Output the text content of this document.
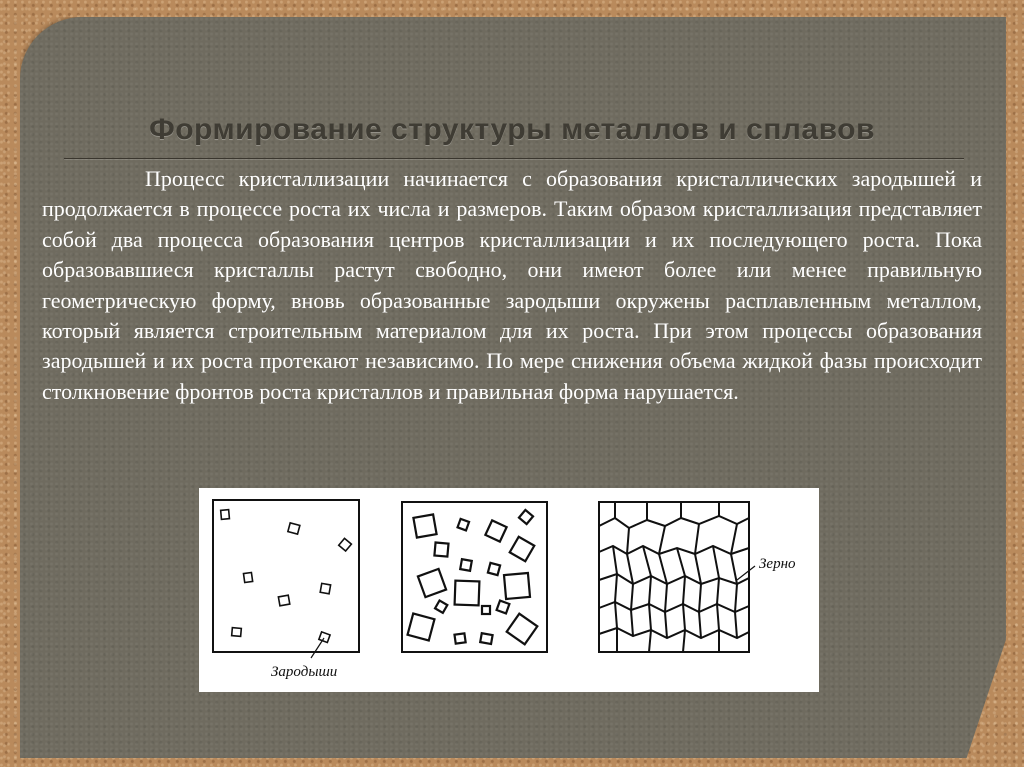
Формирование структуры металлов и сплавов
Процесс кристаллизации начинается с образования кристаллических зародышей и продолжается в процессе роста их числа и размеров. Таким образом кристаллизация представляет собой два процесса образования центров кристаллизации и их последующего роста. Пока образовавшиеся кристаллы растут свободно, они имеют более или менее правильную геометрическую форму, вновь образованные зародыши окружены расплавленным металлом, который является строительным материалом для их роста. При этом процессы образования зародышей и их роста протекают независимо. По мере снижения объема жидкой фазы происходит столкновение фронтов роста кристаллов и правильная форма нарушается.
Зародыши
Зерно
